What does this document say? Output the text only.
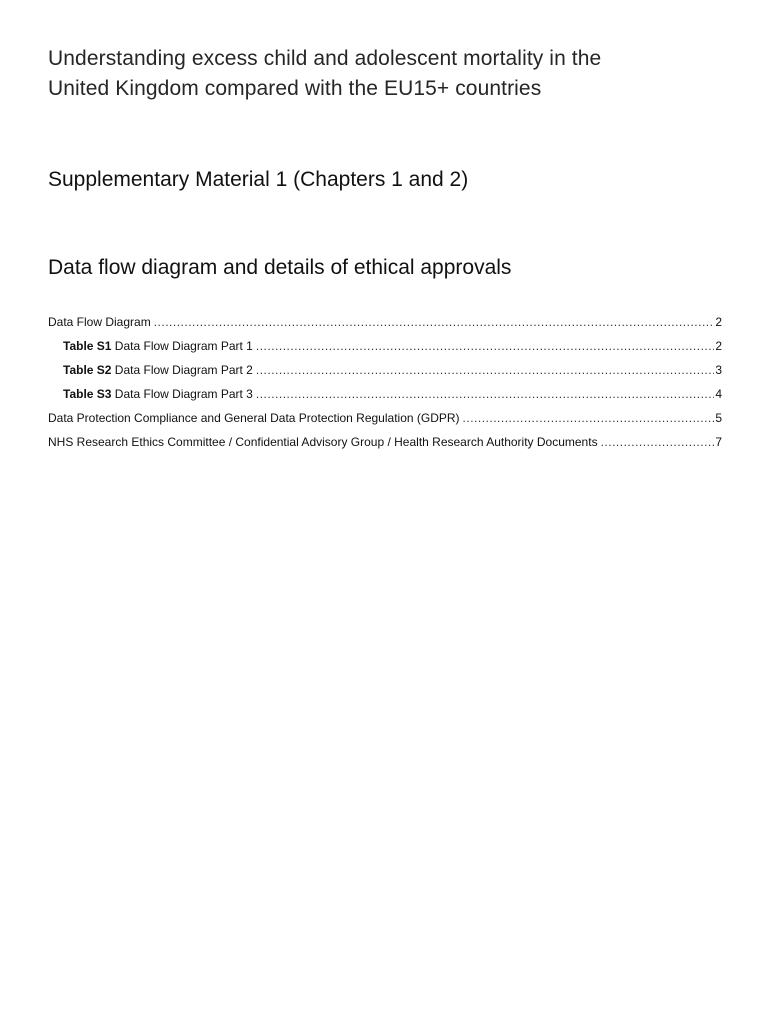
Understanding excess child and adolescent mortality in the
United Kingdom compared with the EU15+ countries
Supplementary Material 1 (Chapters 1 and 2)
Data flow diagram and details of ethical approvals
Data Flow Diagram .....	2
Table S1 Data Flow Diagram Part 1 .....	2
Table S2 Data Flow Diagram Part 2 .....	3
Table S3 Data Flow Diagram Part 3 .....	4
Data Protection Compliance and General Data Protection Regulation (GDPR) .....	5
NHS Research Ethics Committee / Confidential Advisory Group / Health Research Authority Documents .....	7
